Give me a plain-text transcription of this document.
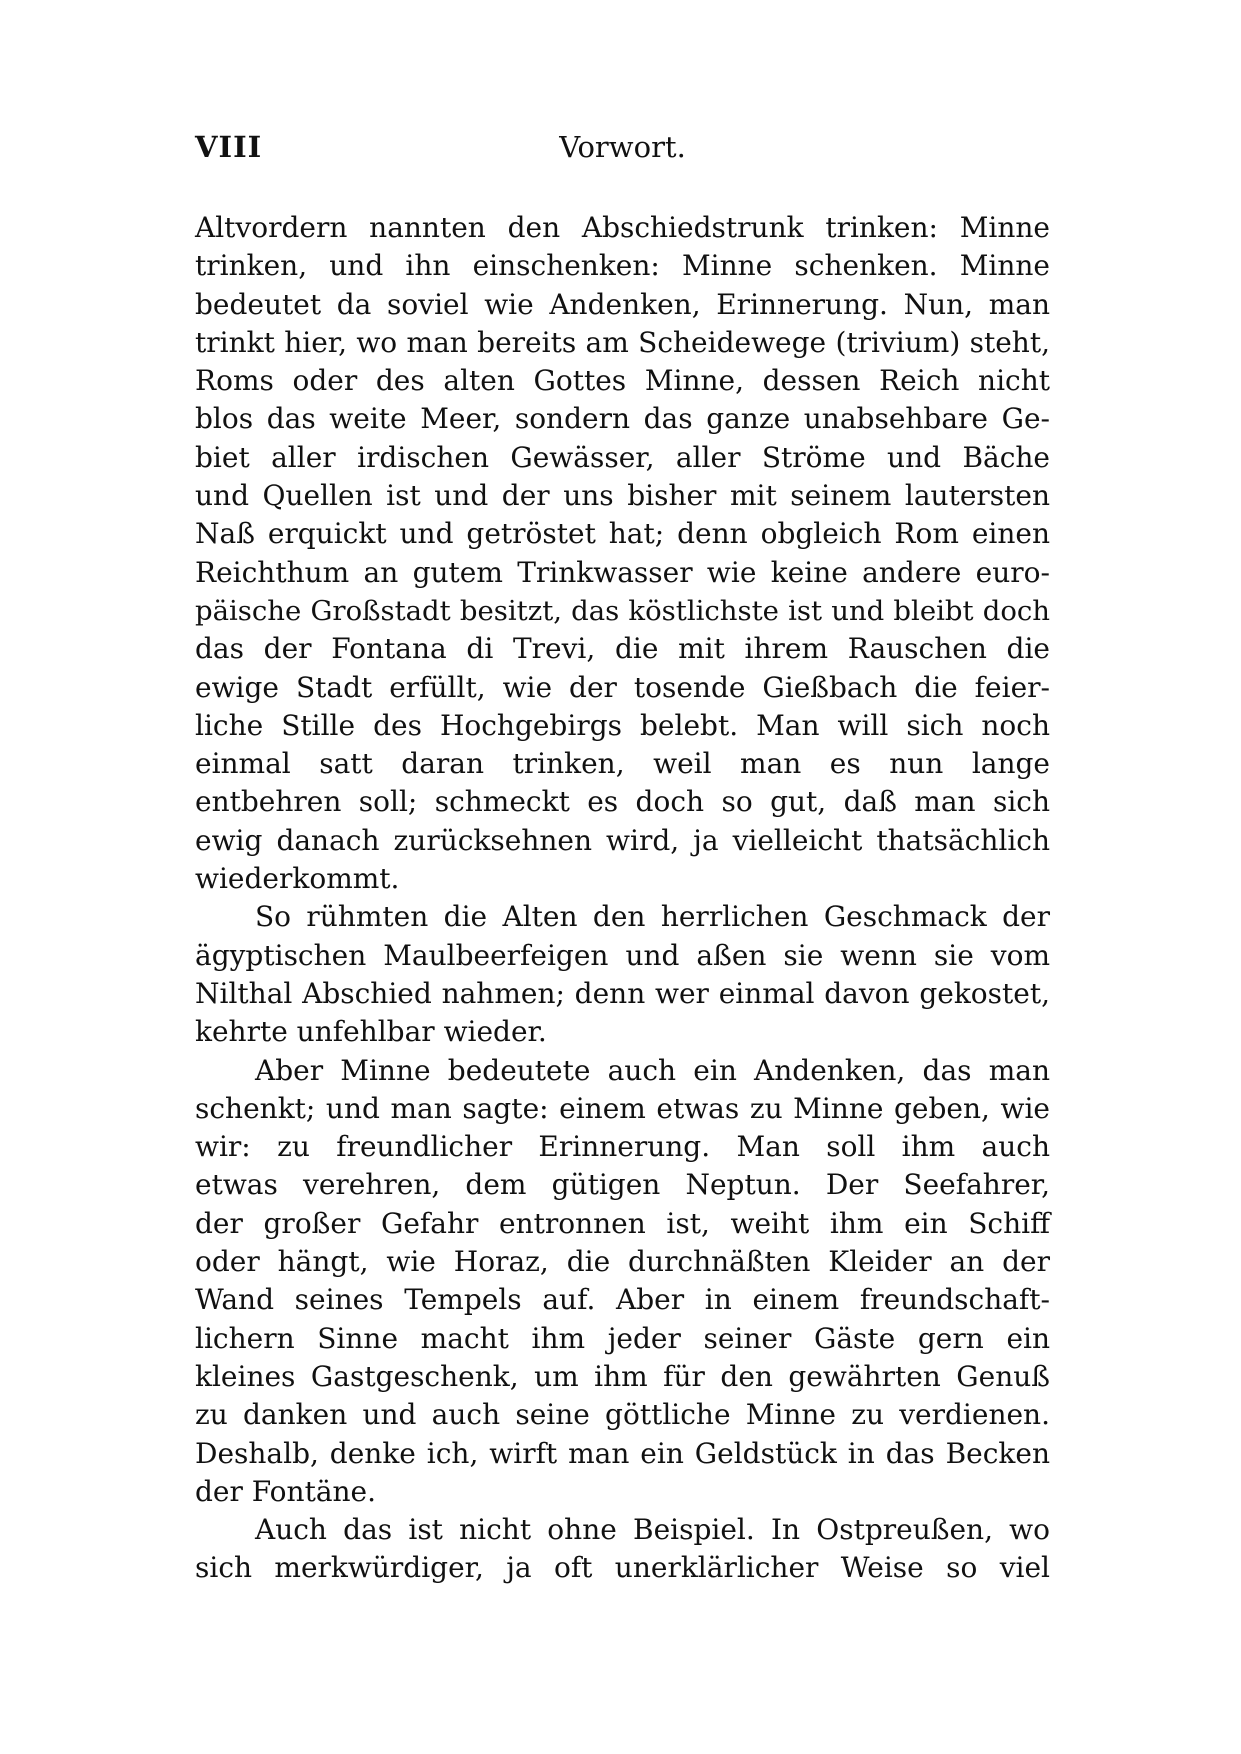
VIII	Vorwort.
Altvordern nannten den Abschiedstrunk trinken: Minne
trinken, und ihn einschenken: Minne schenken. Minne
bedeutet da soviel wie Andenken, Erinnerung. Nun, man
trinkt hier, wo man bereits am Scheidewege (trivium) steht,
Roms oder des alten Gottes Minne, dessen Reich nicht
blos das weite Meer, sondern das ganze unabsehbare Ge-
biet aller irdischen Gewässer, aller Ströme und Bäche
und Quellen ist und der uns bisher mit seinem lautersten
Naß erquickt und getröstet hat; denn obgleich Rom einen
Reichthum an gutem Trinkwasser wie keine andere euro-
päische Großstadt besitzt, das köstlichste ist und bleibt doch
das der Fontana di Trevi, die mit ihrem Rauschen die
ewige Stadt erfüllt, wie der tosende Gießbach die feier-
liche Stille des Hochgebirgs belebt. Man will sich noch
einmal satt daran trinken, weil man es nun lange
entbehren soll; schmeckt es doch so gut, daß man sich
ewig danach zurücksehnen wird, ja vielleicht thatsächlich
wiederkommt.
So rühmten die Alten den herrlichen Geschmack der
ägyptischen Maulbeerfeigen und aßen sie wenn sie vom
Nilthal Abschied nahmen; denn wer einmal davon gekostet,
kehrte unfehlbar wieder.
Aber Minne bedeutete auch ein Andenken, das man
schenkt; und man sagte: einem etwas zu Minne geben, wie
wir: zu freundlicher Erinnerung. Man soll ihm auch
etwas verehren, dem gütigen Neptun. Der Seefahrer,
der großer Gefahr entronnen ist, weiht ihm ein Schiff
oder hängt, wie Horaz, die durchnäßten Kleider an der
Wand seines Tempels auf. Aber in einem freundschaft-
lichern Sinne macht ihm jeder seiner Gäste gern ein
kleines Gastgeschenk, um ihm für den gewährten Genuß
zu danken und auch seine göttliche Minne zu verdienen.
Deshalb, denke ich, wirft man ein Geldstück in das Becken
der Fontäne.
Auch das ist nicht ohne Beispiel. In Ostpreußen, wo
sich merkwürdiger, ja oft unerklärlicher Weise so viel
